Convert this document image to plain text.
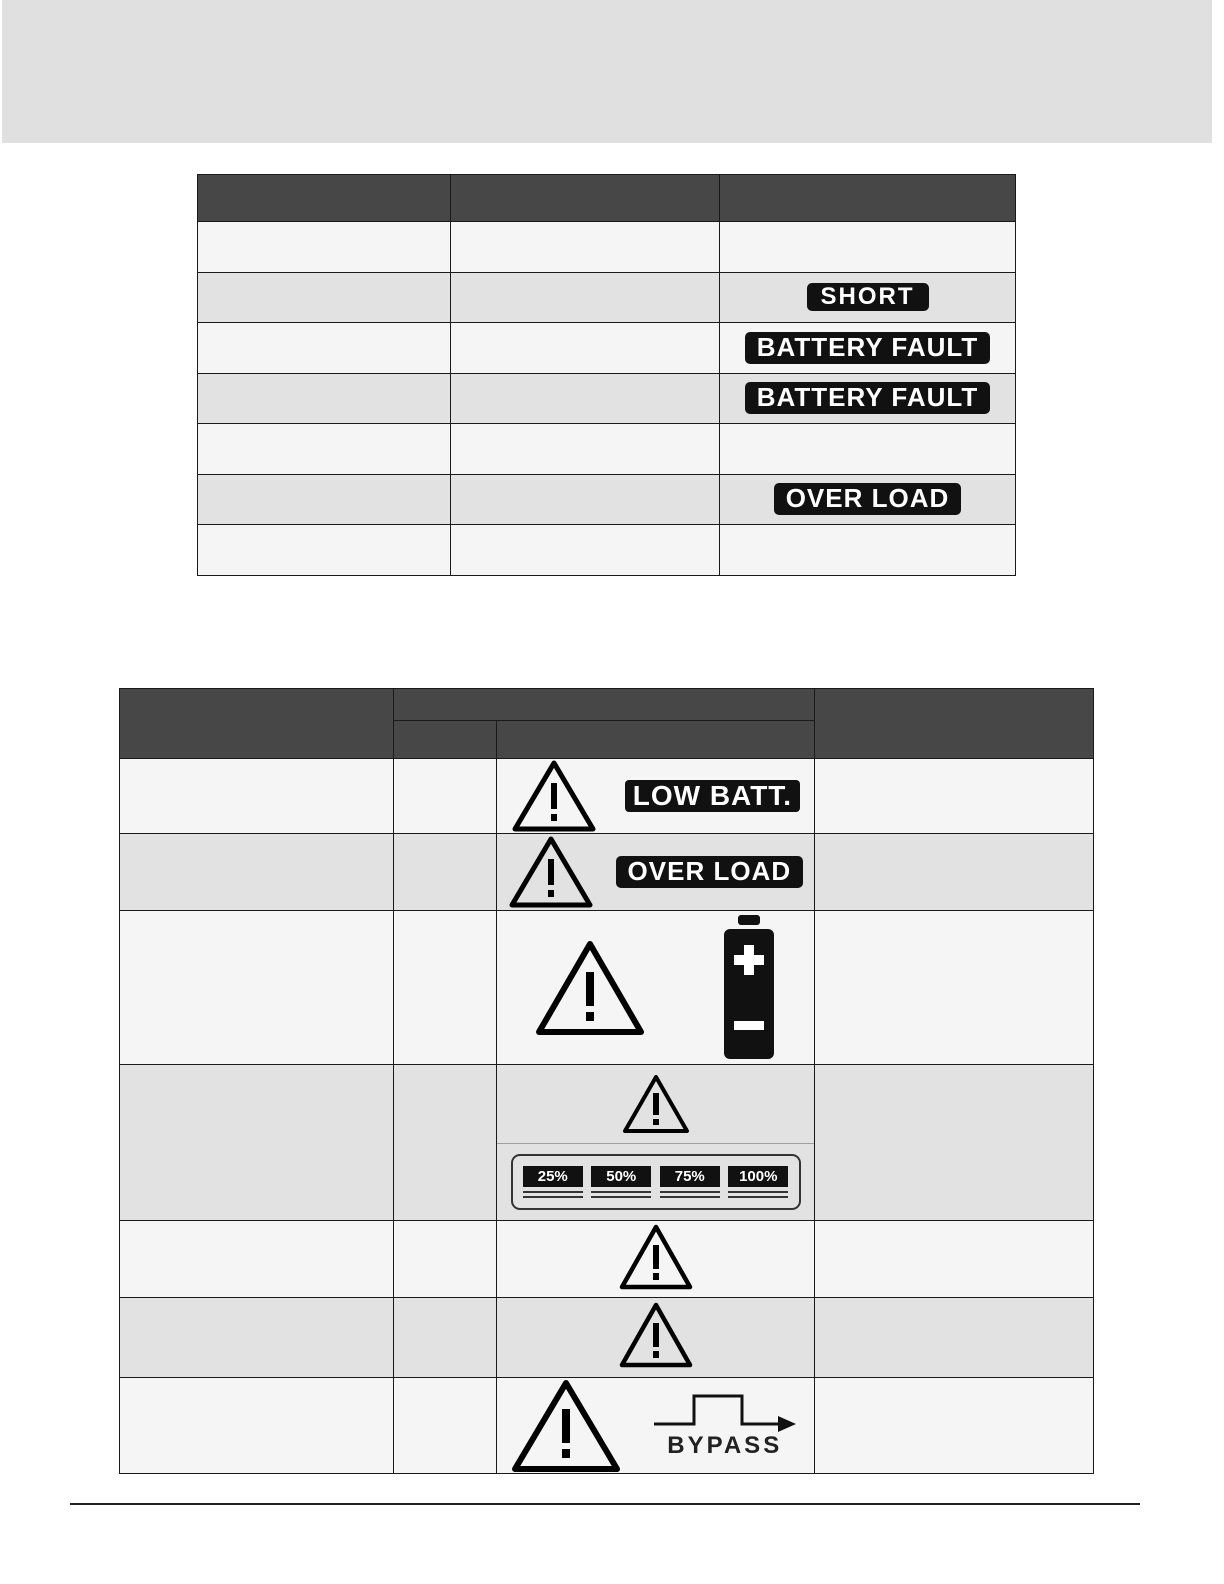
		SHORT
		BATTERY FAULT
		BATTERY FAULT

		OVER LOAD

		LOW BATT.	

		OVER LOAD	

		25% 50% 75% 100%	

		BYPASS	
